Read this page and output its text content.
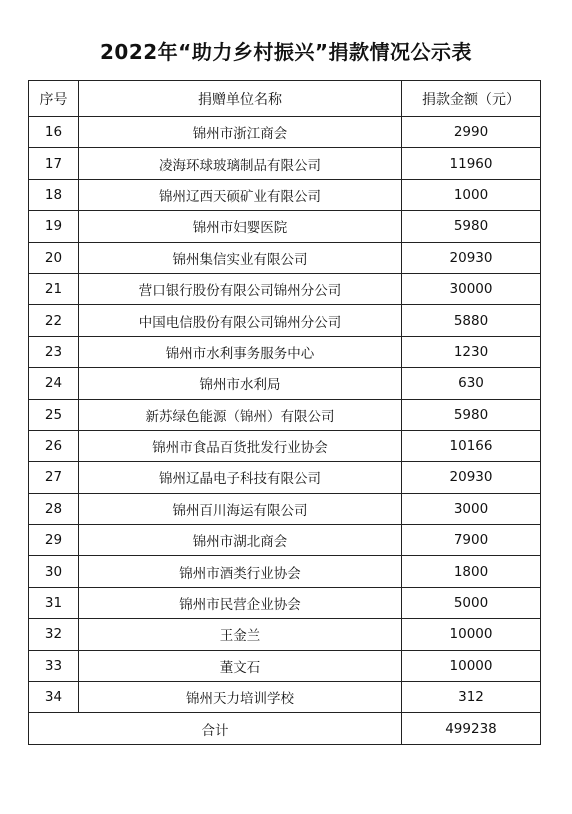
2022年“助力乡村振兴”捐款情况公示表
序号	捐赠单位名称	捐款金额（元）
16	锦州市浙江商会	2990
17	凌海环球玻璃制品有限公司	11960
18	锦州辽西天硕矿业有限公司	1000
19	锦州市妇婴医院	5980
20	锦州集信实业有限公司	20930
21	营口银行股份有限公司锦州分公司	30000
22	中国电信股份有限公司锦州分公司	5880
23	锦州市水利事务服务中心	1230
24	锦州市水利局	630
25	新苏绿色能源（锦州）有限公司	5980
26	锦州市食品百货批发行业协会	10166
27	锦州辽晶电子科技有限公司	20930
28	锦州百川海运有限公司	3000
29	锦州市湖北商会	7900
30	锦州市酒类行业协会	1800
31	锦州市民营企业协会	5000
32	王金兰	10000
33	董文石	10000
34	锦州天力培训学校	312
合计		499238
